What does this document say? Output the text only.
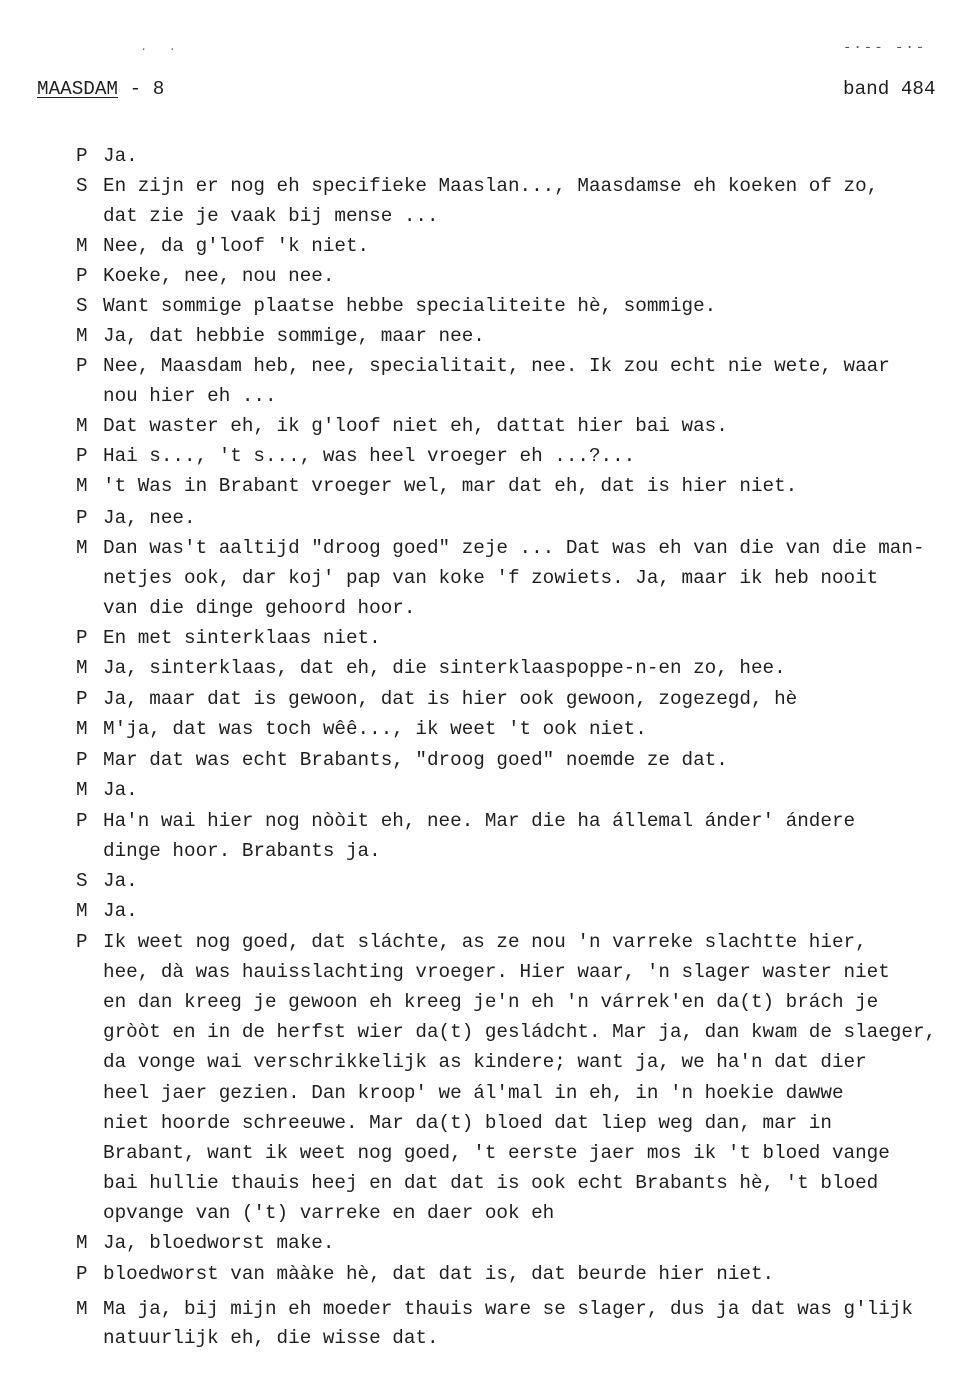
.   .	-·-- -·-
MAASDAM - 8	band 484
P Ja.
S En zijn er nog eh specifieke Maaslan..., Maasdamse eh koeken of zo,
dat zie je vaak bij mense ...
M Nee, da g'loof 'k niet.
P Koeke, nee, nou nee.
S Want sommige plaatse hebbe specialiteite hè, sommige.
M Ja, dat hebbie sommige, maar nee.
P Nee, Maasdam heb, nee, specialitait, nee. Ik zou echt nie wete, waar
nou hier eh ...
M Dat waster eh, ik g'loof niet eh, dattat hier bai was.
P Hai s..., 't s..., was heel vroeger eh ...?...
M 't Was in Brabant vroeger wel, mar dat eh, dat is hier niet.
P Ja, nee.
M Dan was't aaltijd "droog goed" zeje ... Dat was eh van die van die man-
netjes ook, dar koj' pap van koke 'f zowiets. Ja, maar ik heb nooit
van die dinge gehoord hoor.
P En met sinterklaas niet.
M Ja, sinterklaas, dat eh, die sinterklaaspoppe-n-en zo, hee.
P Ja, maar dat is gewoon, dat is hier ook gewoon, zogezegd, hè
M M'ja, dat was toch wêê..., ik weet 't ook niet.
P Mar dat was echt Brabants, "droog goed" noemde ze dat.
M Ja.
P Ha'n wai hier nog nòòit eh, nee. Mar die ha állemal ánder' ándere
dinge hoor. Brabants ja.
S Ja.
M Ja.
P Ik weet nog goed, dat sláchte, as ze nou 'n varreke slachtte hier,
hee, dà was hauisslachting vroeger. Hier waar, 'n slager waster niet
en dan kreeg je gewoon eh kreeg je'n eh 'n várrek'en da(t) brách je
gròòt en in de herfst wier da(t) gesládcht. Mar ja, dan kwam de slaeger,
da vonge wai verschrikkelijk as kindere; want ja, we ha'n dat dier
heel jaer gezien. Dan kroop' we ál'mal in eh, in 'n hoekie dawwe
niet hoorde schreeuwe. Mar da(t) bloed dat liep weg dan, mar in
Brabant, want ik weet nog goed, 't eerste jaer mos ik 't bloed vange
bai hullie thauis heej en dat dat is ook echt Brabants hè, 't bloed
opvange van ('t) varreke en daer ook eh
M Ja, bloedworst make.
P bloedworst van mààke hè, dat dat is, dat beurde hier niet.
M Ma ja, bij mijn eh moeder thauis ware se slager, dus ja dat was g'lijk
natuurlijk eh, die wisse dat.
